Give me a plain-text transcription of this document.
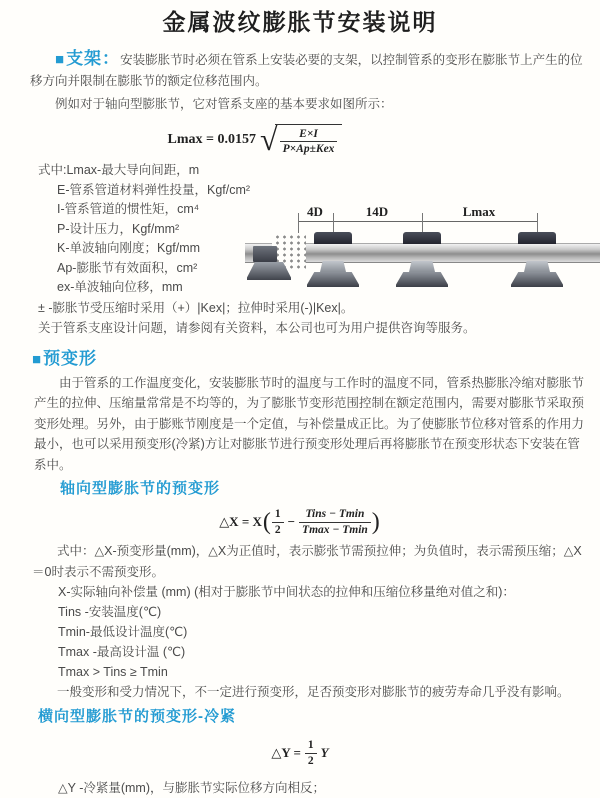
金属波纹膨胀节安装说明

■支架：安装膨胀节时必须在管系上安装必要的支架，以控制管系的变形在膨胀节上产生的位移方向并限制在膨胀节的额定位移范围内。

例如对于轴向型膨胀节，它对管系支座的基本要求如图所示：

Lmax = 0.0157 √ $\frac{E\times I}{\text{P×Ap±Kex}}$
式中:Lmax-最大导向间距，m
E-管系管道材料弹性投量，Kgf/cm²
I-管系管道的惯性矩，cm⁴
P-设计压力，Kgf/mm²
K-单波轴向刚度；Kgf/mm
Ap-膨胀节有效面积，cm²
ex-单波轴向位移，mm
± -膨胀节受压缩时采用（+）|Kex|；拉伸时采用(-)|Kex|。
关于管系支座设计问题，请参阅有关资料，本公司也可为用户提供咨询等服务。
4D	14D	Lmax
■预变形

由于管系的工作温度变化，安装膨胀节时的温度与工作时的温度不同，管系热膨胀冷缩对膨胀节产生的拉伸、压缩量常常是不均等的，为了膨胀节变形范围控制在额定范围内，需要对膨胀节采取预变形处理。另外，由于膨账节刚度是一个定值，与补偿量成正比。为了使膨胀节位移对管系的作用力最小，也可以采用预变形(冷紧)方让对膨胀节进行预变形处理后再将膨胀节在预变形状态下安装在管系中。

轴向型膨胀节的预变形
△X = X ( $\frac{1}{2} - \frac{\text{Tins − Tmin}}{Tmax - Tmin}$ )

式中：△X-预变形量(mm)，△X为正值时，表示膨张节需预拉伸；为负值时，表示需预压缩；△X＝0时表示不需预变形。

X-实际轴向补偿量 (mm) (相对于膨胀节中间状态的拉伸和压缩位移量绝对值之和)：
Tins -安装温度(℃)
Tmin-最低设计温度(℃)
Tmax -最高设计温 (℃)
Tmax > Tins ≥ Tmin

一般变形和受力情况下，不一定进行预变形，足否预变形对膨胀节的疲劳寿命几乎没有影响。

横向型膨胀节的预变形-冷紧
△Y = $\frac{1}{2}$ Y
△Y -冷紧量(mm)，与膨胀节实际位移方向相反；
